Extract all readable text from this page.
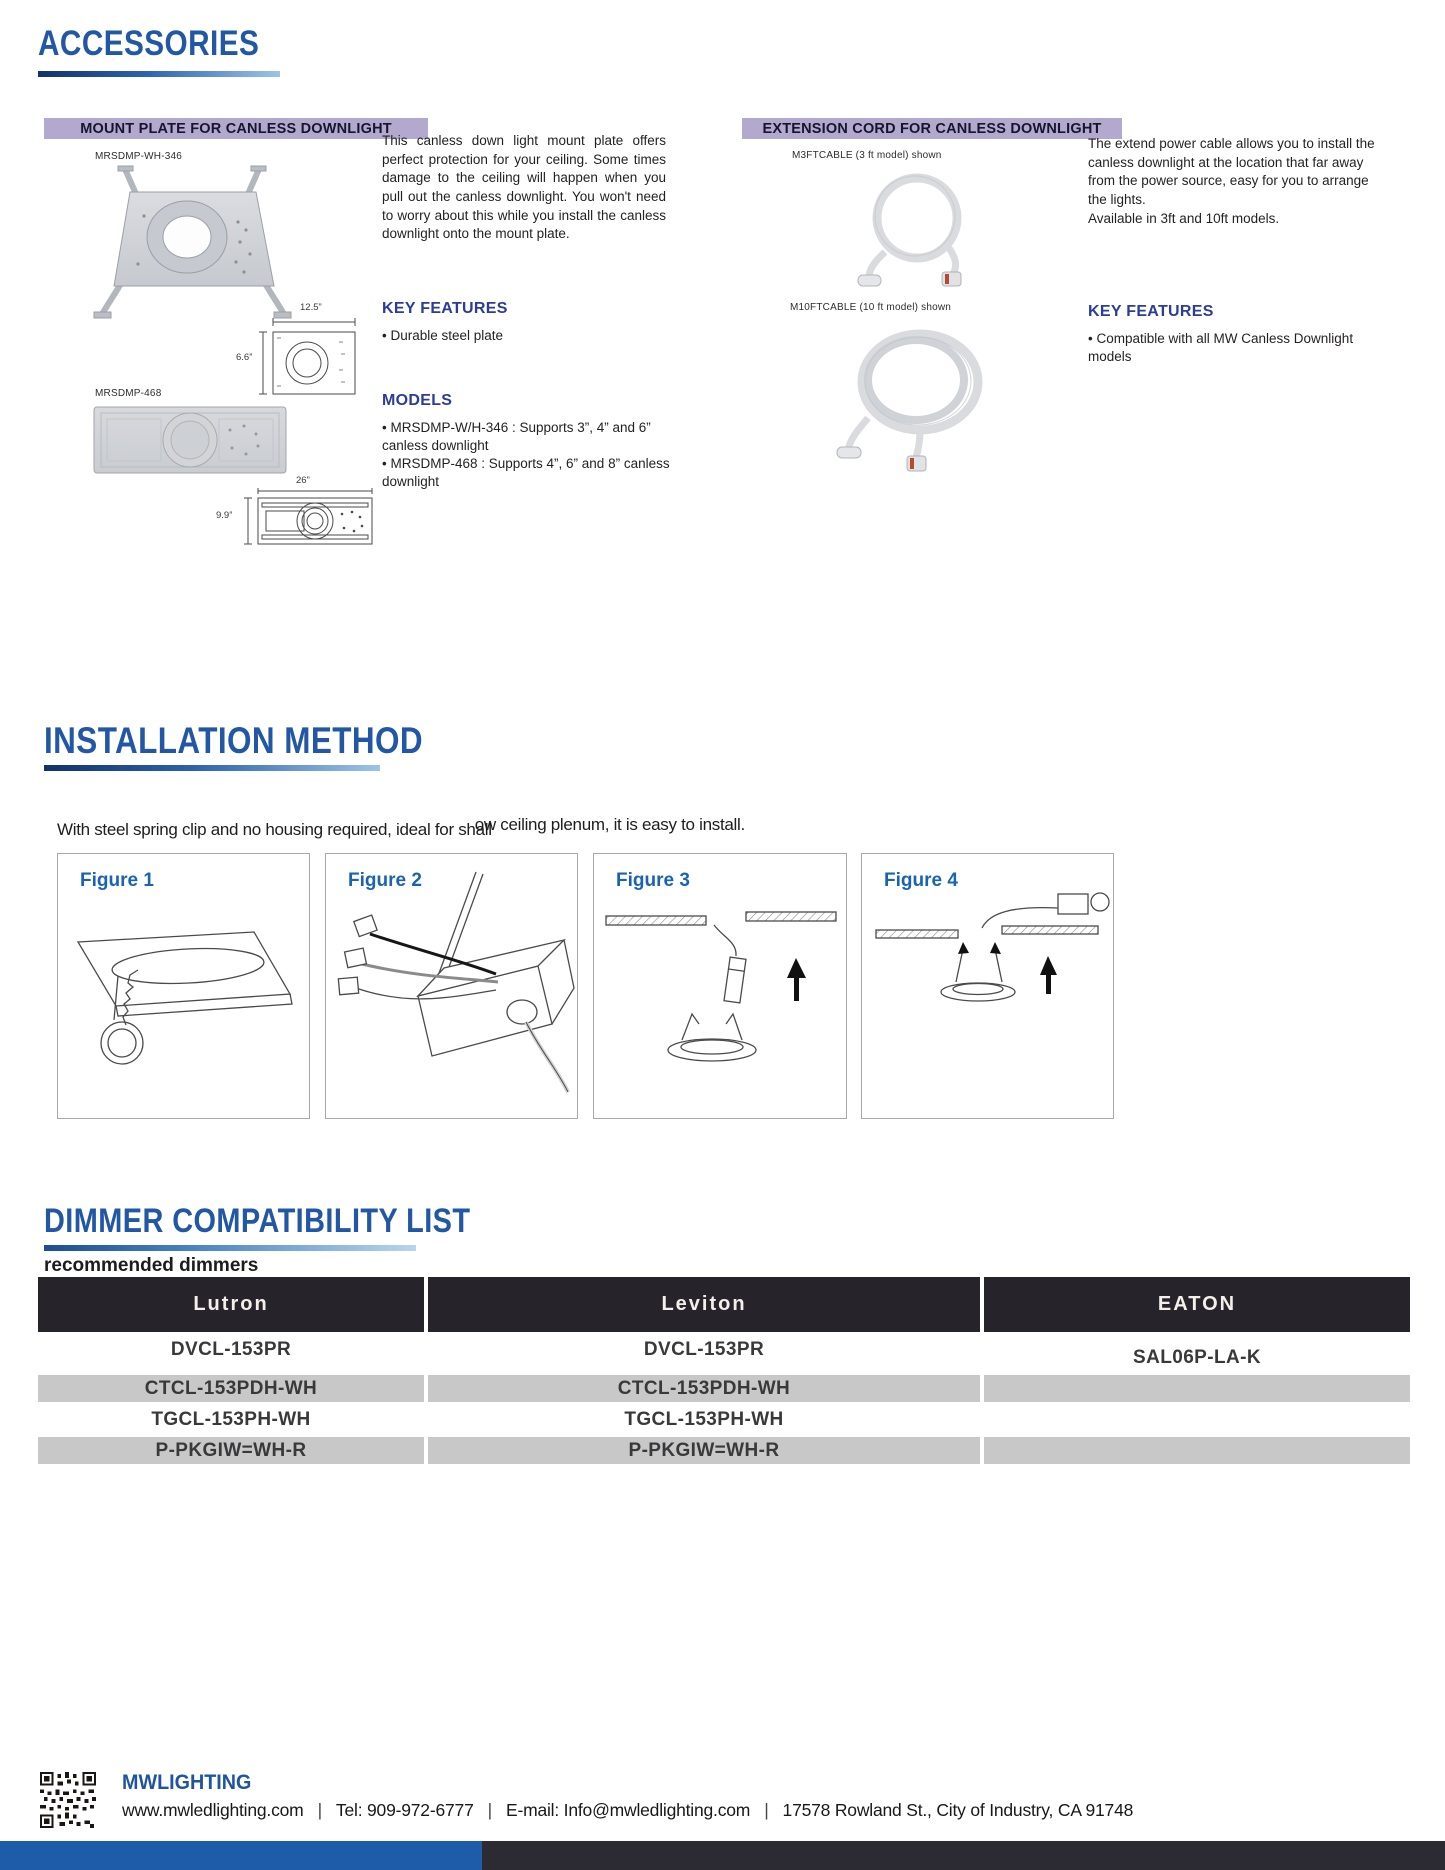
ACCESSORIES
MOUNT PLATE FOR CANLESS DOWNLIGHT
MRSDMP-WH-346
12.5”
6.6”
MRSDMP-468
26”
9.9”
This canless down light mount plate offers perfect protection for your ceiling. Some times damage to the ceiling will happen when you pull out the canless downlight. You won't need to worry about this while you install the canless downlight onto the mount plate.
KEY FEATURES
• Durable steel plate
MODELS
• MRSDMP-W/H-346 : Supports 3”, 4” and 6” canless downlight
• MRSDMP-468 : Supports 4”, 6” and 8” canless downlight
EXTENSION CORD FOR CANLESS DOWNLIGHT
M3FTCABLE (3 ft model) shown
M10FTCABLE (10 ft model) shown
The extend power cable allows you to install the canless downlight at the location that far away from the power source, easy for you to arrange the lights.
Available in 3ft and 10ft models.
KEY FEATURES
• Compatible with all MW Canless Downlight models
INSTALLATION METHOD
With steel spring clip and no housing required, ideal for shallow ceiling plenum, it is easy to install.
Figure 1	Figure 2	Figure 3	Figure 4
DIMMER COMPATIBILITY LIST
recommended dimmers
Lutron	Leviton	EATON
DVCL-153PR	DVCL-153PR	SAL06P-LA-K
CTCL-153PDH-WH	CTCL-153PDH-WH
TGCL-153PH-WH	TGCL-153PH-WH
P-PKGIW=WH-R	P-PKGIW=WH-R
MWLIGHTING
www.mwledlighting.com | Tel: 909-972-6777 | E-mail: Info@mwledlighting.com | 17578 Rowland St., City of Industry, CA 91748
